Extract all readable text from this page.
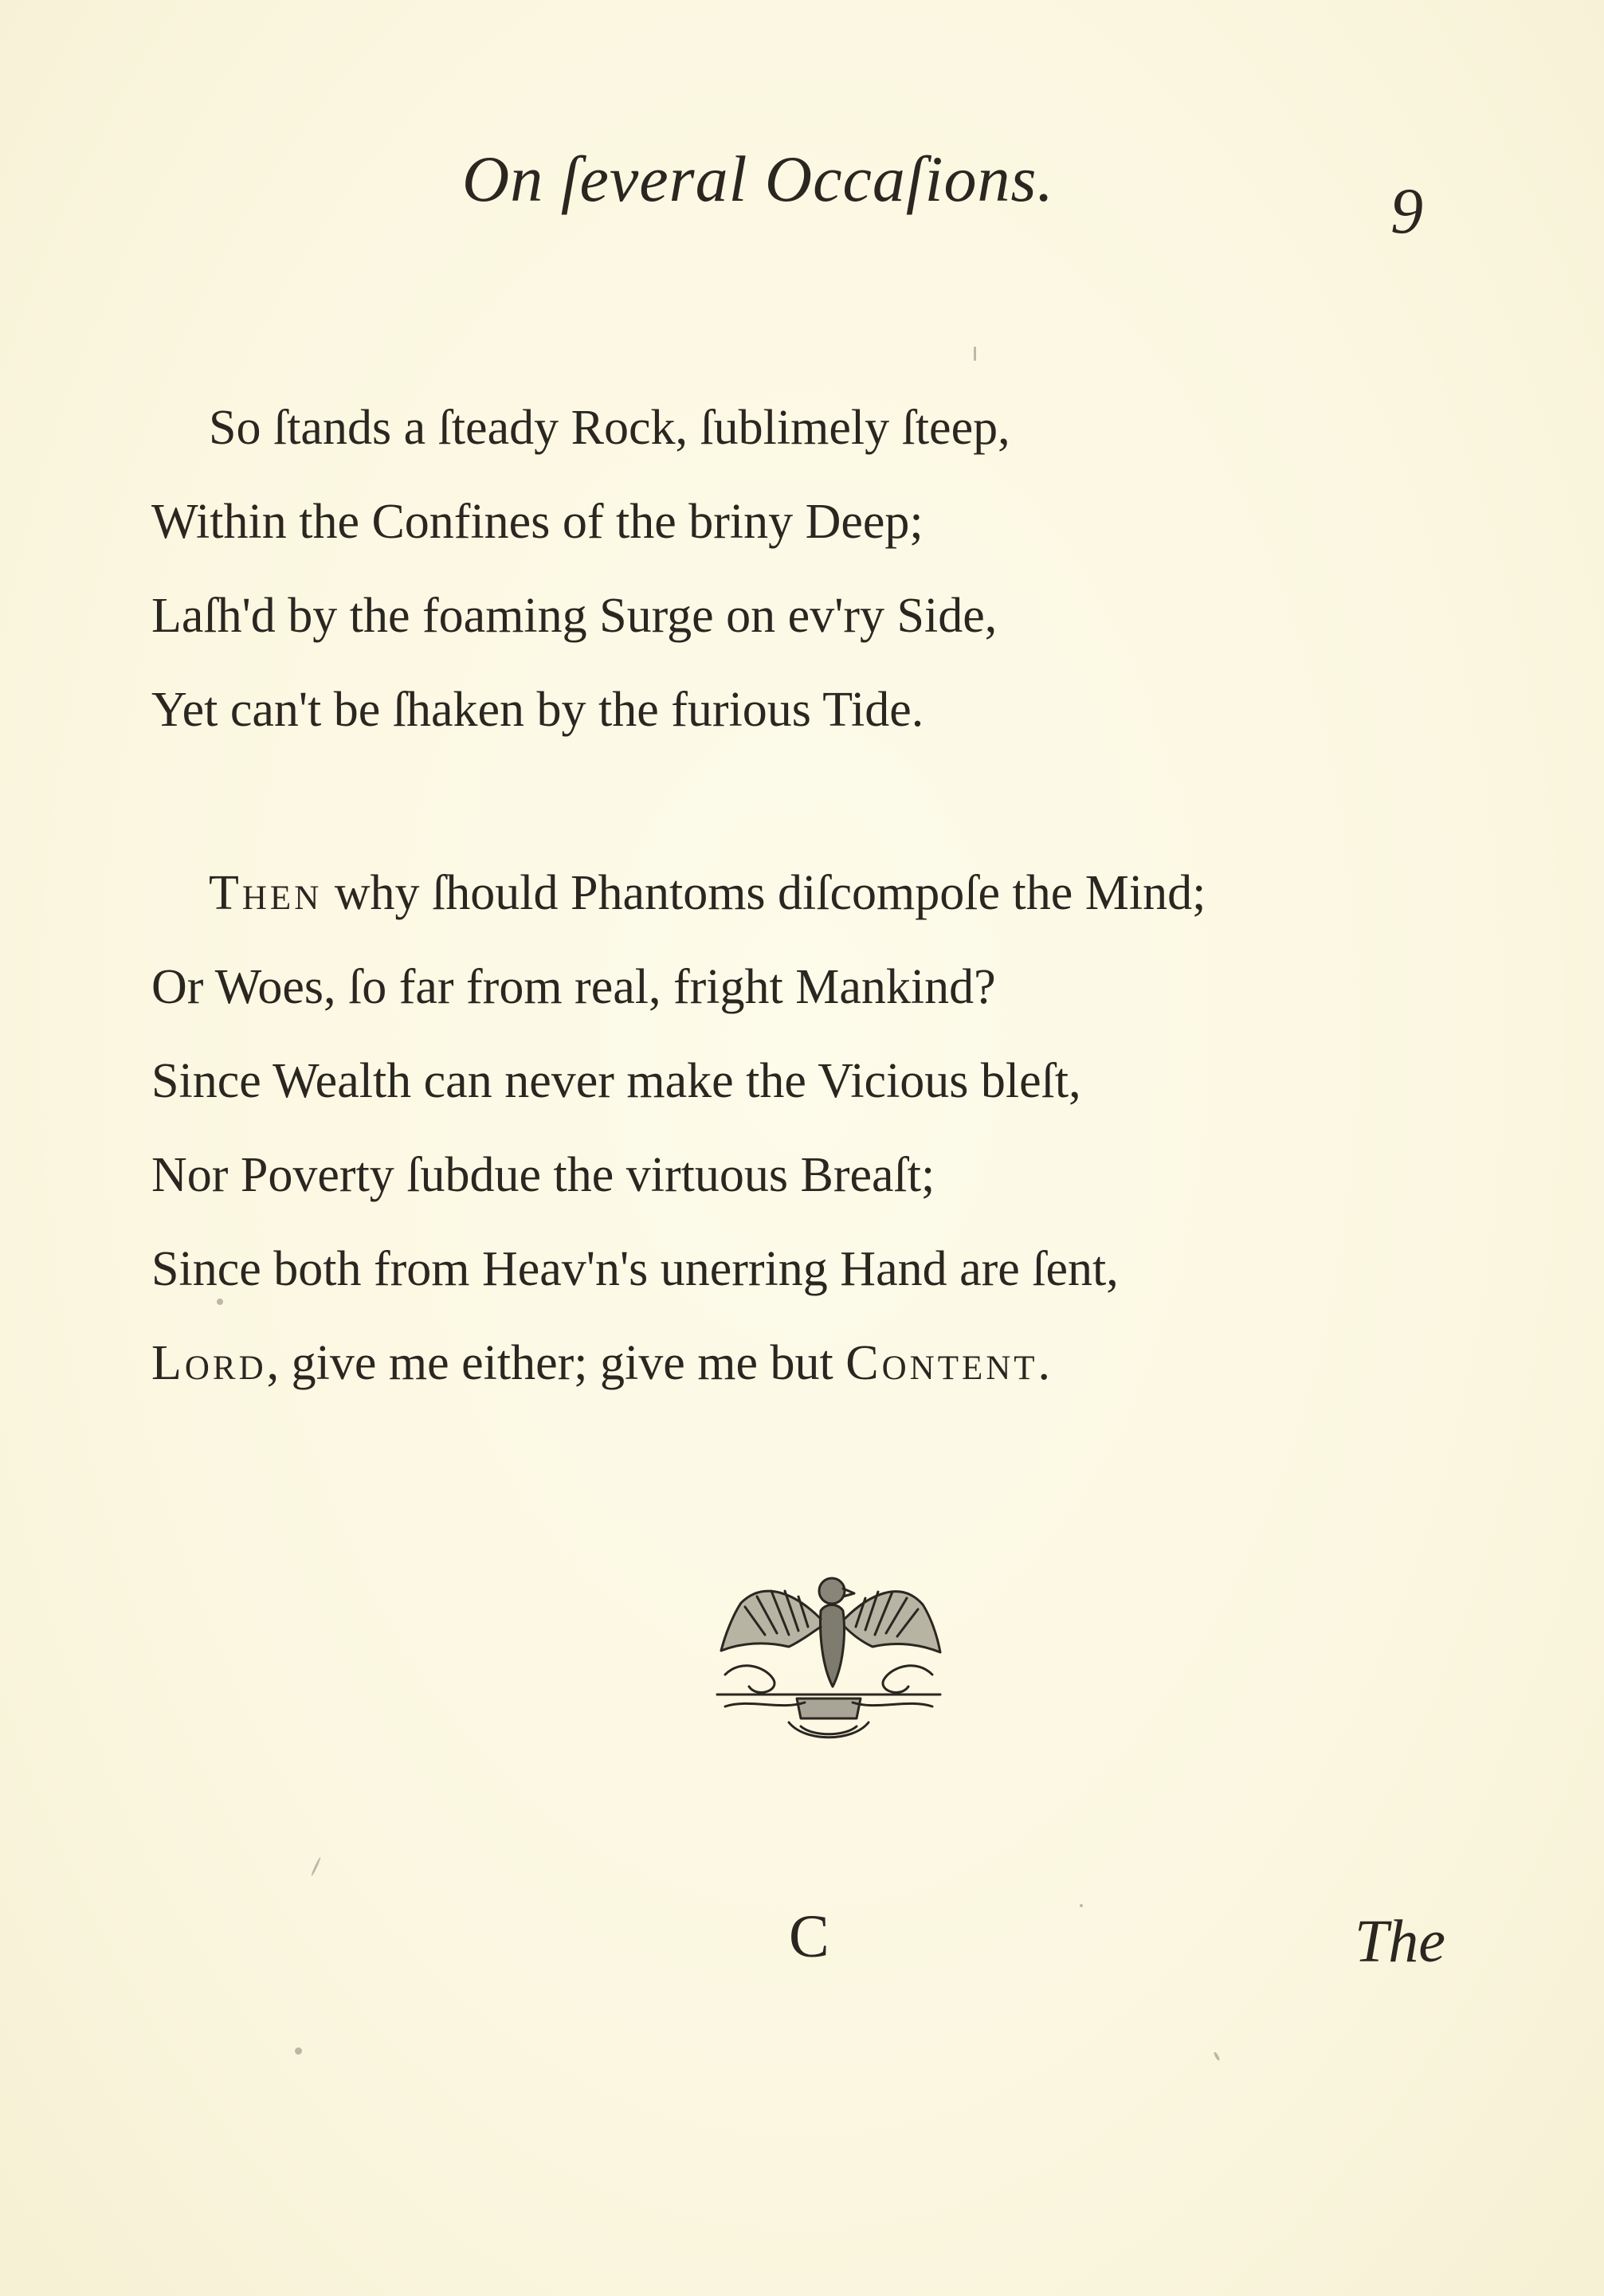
On ſeveral Occaſions.	9
So ſtands a ſteady Rock, ſublimely ſteep,
Within the Confines of the briny Deep;
Laſh'd by the foaming Surge on ev'ry Side,
Yet can't be ſhaken by the furious Tide.
Then why ſhould Phantoms diſcompoſe the Mind;
Or Woes, ſo far from real, fright Mankind?
Since Wealth can never make the Vicious bleſt,
Nor Poverty ſubdue the virtuous Breaſt;
Since both from Heav'n's unerring Hand are ſent,
Lord, give me either; give me but Content.
C	The
